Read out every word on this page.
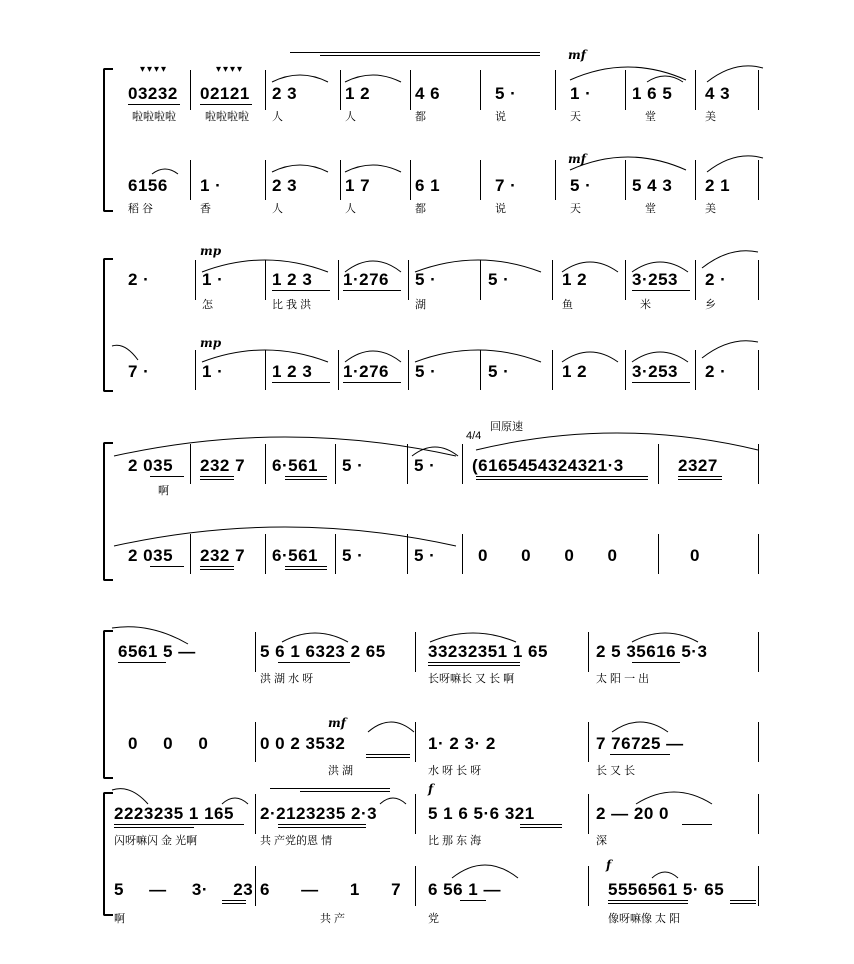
mf
▾▾▾▾	▾▾▾▾
03232 02121 2 3	1 2	4 6	5 ·	1 · 1 6 5 4 3
啦啦啦啦	啦啦啦啦 人	人	都	说	天	堂	美
mf
6156 1 ·	2 3	1 7	6 1	7 ·	5 · 5 4 3 2 1
稻 谷	香	人	人	都	说	天	堂	美
mp
2 ·	1 ·	1 2 3 1·276 5 ·	5 ·	1 2	3·253 2 ·
怎	比 我 洪	湖	鱼	米	乡
mp
7 ·	1 ·	1 2 3 1·276 5 ·	5 ·	1 2	3·253 2 ·
回原速
4/4
2 035 232 7 6·561 5 ·	5 · (6165454324321·3	2327
啊
2 035 232 7 6·561 5 ·	5 ·	0 0 0 0	0
mf
6561 5 —	5 6 1 6323 2 65 33232351 1 65	2 5 35616 5·3
洪 湖 水 呀	长呀嘛长 又 长 啊	太 阳 一 出
0 0 0	0 0 2 3532	1· 2 3· 2	7 76725 —
洪 湖	水 呀 长 呀	长 又 长
f
2223235 1 165 2·2123235 2·3	5 1 6 5·6 321	2 — 20 0
闪呀嘛闪 金 光啊	共 产党的恩 情	比 那 东 海	深
f
5 — 3· 23 6 — 1 7 6 56 1 —	5556561 5· 65
啊	共 产	党	像呀嘛像 太 阳
